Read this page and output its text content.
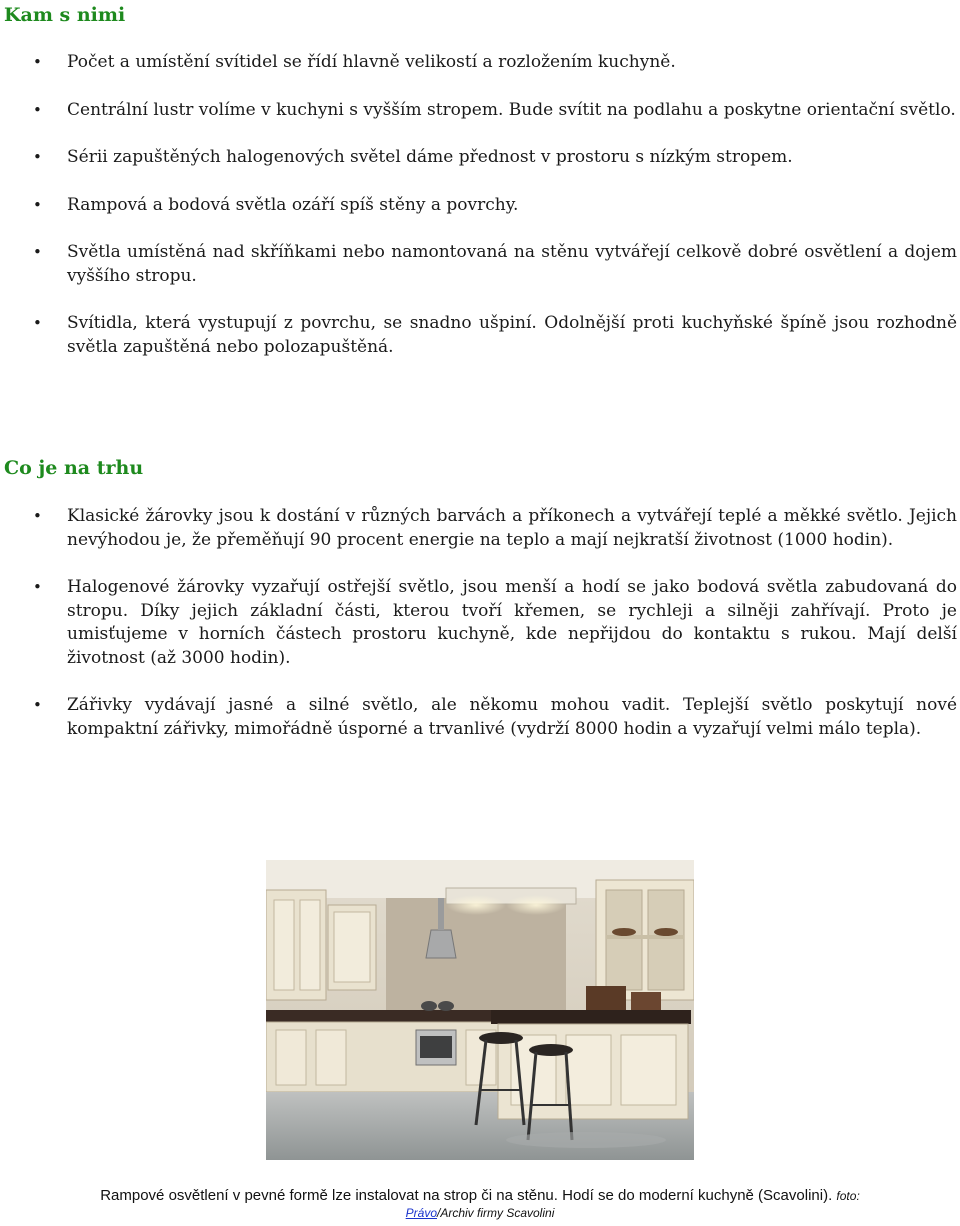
Kam s nimi
• Počet a umístění svítidel se řídí hlavně velikostí a rozložením kuchyně.
• Centrální lustr volíme v kuchyni s vyšším stropem. Bude svítit na podlahu a poskytne orientační světlo.
• Sérii zapuštěných halogenových světel dáme přednost v prostoru s nízkým stropem.
• Rampová a bodová světla ozáří spíš stěny a povrchy.
• Světla umístěná nad skříňkami nebo namontovaná na stěnu vytvářejí celkově dobré osvětlení a dojem vyššího stropu.
• Svítidla, která vystupují z povrchu, se snadno ušpiní. Odolnější proti kuchyňské špíně jsou rozhodně světla zapuštěná nebo polozapuštěná.
Co je na trhu
• Klasické žárovky jsou k dostání v různých barvách a příkonech a vytvářejí teplé a měkké světlo. Jejich nevýhodou je, že přeměňují 90 procent energie na teplo a mají nejkratší životnost (1000 hodin).
• Halogenové žárovky vyzařují ostřejší světlo, jsou menší a hodí se jako bodová světla zabudovaná do stropu. Díky jejich základní části, kterou tvoří křemen, se rychleji a silněji zahřívají. Proto je umisťujeme v horních částech prostoru kuchyně, kde nepřijdou do kontaktu s rukou. Mají delší životnost (až 3000 hodin).
• Zářivky vydávají jasné a silné světlo, ale někomu mohou vadit. Teplejší světlo poskytují nové kompaktní zářivky, mimořádně úsporné a trvanlivé (vydrží 8000 hodin a vyzařují velmi málo tepla).
Rampové osvětlení v pevné formě lze instalovat na strop či na stěnu. Hodí se do moderní kuchyně (Scavolini). foto:
Právo/Archiv firmy Scavolini
